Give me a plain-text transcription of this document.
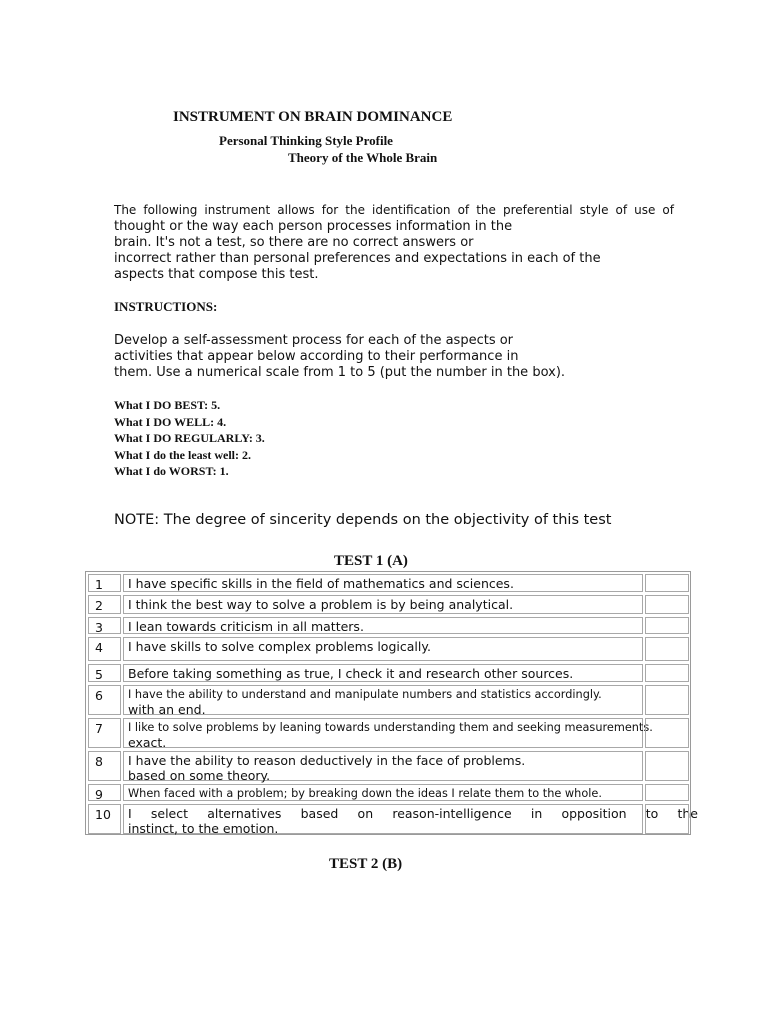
INSTRUMENT ON BRAIN DOMINANCE
Personal Thinking Style Profile
Theory of the Whole Brain
The following instrument allows for the identification of the preferential style of use of
thought or the way each person processes information in the
brain. It's not a test, so there are no correct answers or
incorrect rather than personal preferences and expectations in each of the
aspects that compose this test.
INSTRUCTIONS:
Develop a self-assessment process for each of the aspects or
activities that appear below according to their performance in
them. Use a numerical scale from 1 to 5 (put the number in the box).
What I DO BEST: 5.
What I DO WELL: 4.
What I DO REGULARLY: 3.
What I do the least well: 2.
What I do WORST: 1.
NOTE: The degree of sincerity depends on the objectivity of this test
TEST 1 (A)
1	I have specific skills in the field of mathematics and sciences.
2	I think the best way to solve a problem is by being analytical.
3	I lean towards criticism in all matters.
4	I have skills to solve complex problems logically.
5	Before taking something as true, I check it and research other sources.
6	I have the ability to understand and manipulate numbers and statistics accordingly.
with an end.
7	I like to solve problems by leaning towards understanding them and seeking measurements.
exact.
8	I have the ability to reason deductively in the face of problems.
based on some theory.
9	When faced with a problem; by breaking down the ideas I relate them to the whole.
10	I select alternatives based on reason-intelligence in opposition to the
instinct, to the emotion.
TEST 2 (B)
